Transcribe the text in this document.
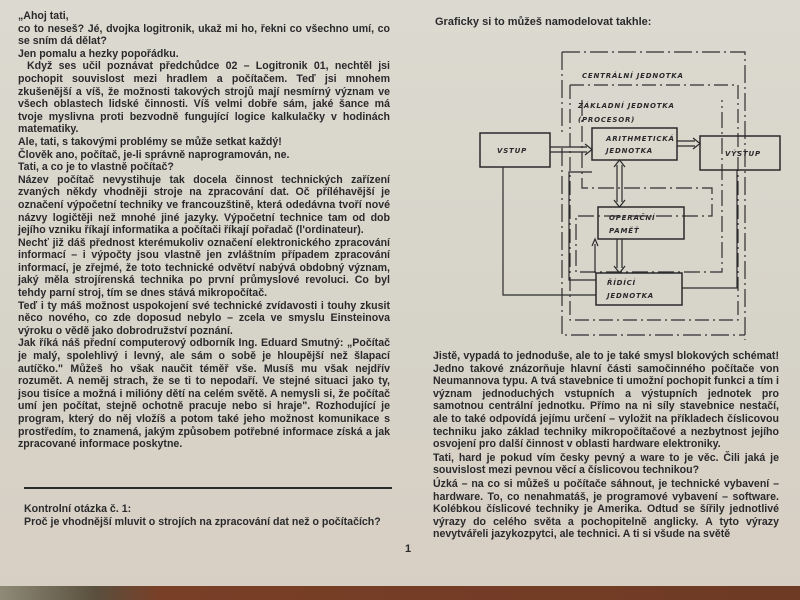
„Ahoj tati,

co to neseš? Jé, dvojka logitronik, ukaž mi ho, řekni co všechno umí, co se sním dá dělat?

Jen pomalu a hezky popořádku.

Když ses učil poznávat předchůdce 02 – Logitronik 01, nechtěl jsi pochopit souvislost mezi hradlem a počítačem. Teď jsi mnohem zkušenější a víš, že možnosti takových strojů mají nesmírný význam ve všech oblastech lidské činnosti. Víš velmi dobře sám, jaké šance má tvoje myslivna proti bezvodně fungující logice kalkulačky v hodinách matematiky.

Ale, tati, s takovými problémy se může setkat každý!

Člověk ano, počítač, je-li správně naprogramován, ne.

Tati, a co je to vlastně počítač?

Název počítač nevystihuje tak docela činnost technických zařízení zvaných někdy vhodněji stroje na zpracování dat. Oč příléhavější je označení výpočetní techniky ve francouzštině, která odedávna tvoří nové názvy logičtěji než mnohé jiné jazyky. Výpočetní technice tam od dob jejího vzniku říkají informatika a počítači říkají pořadač (l'ordinateur).

Nechť již dáš přednost kterémukoliv označení elektronického zpracování informací – i výpočty jsou vlastně jen zvláštním případem zpracování informací, je zřejmé, že toto technické odvětví nabývá obdobný význam, jaký měla strojírenská technika po první průmyslové revoluci. Co byl tehdy parní stroj, tím se dnes stává mikropočítač.

Teď i ty máš možnost uspokojení své technické zvídavosti i touhy zkusit něco nového, co zde doposud nebylo – zcela ve smyslu Einsteinova výroku o vědě jako dobrodružství poznání.

Jak říká náš přední computerový odborník Ing. Eduard Smutný: „Počítač je malý, spolehlivý i levný, ale sám o sobě je hloupější než šlapací autíčko." Můžeš ho však naučit téměř vše. Musíš mu však nejdřív rozumět. A neměj strach, že se ti to nepodaří. Ve stejné situaci jako ty, jsou tisíce a možná i milióny dětí na celém světě. A nemysli si, že počítač umí jen počítat, stejně ochotně pracuje nebo si hraje". Rozhodující je program, který do něj vložíš a potom také jeho možnost komunikace s prostředím, to znamená, jakým způsobem potřebné informace získá a jak zpracované informace poskytne.

Kontrolní otázka č. 1:

Proč je vhodnější mluvit o strojích na zpracování dat než o počítačích?

1
Graficky si to můžeš namodelovat takhle:
CENTRÁLNÍ JEDNOTKA
ZÁKLADNÍ JEDNOTKA
(PROCESOR)
VSTUP
ARITHMETICKÁ
JEDNOTKA	VÝSTUP
OPERAČNÍ
PAMĚŤ
ŘÍDÍCÍ
JEDNOTKA

Jistě, vypadá to jednoduše, ale to je také smysl blokových schémat! Jedno takové znázorňuje hlavní části samočinného počítače von Neumannova typu. A tvá stavebnice ti umožní pochopit funkci a tím i význam jednoduchých vstupních a výstupních jednotek pro samotnou centrální jednotku. Přímo na ni síly stavebnice nestačí, ale to také odpovídá jejímu určení – vyložit na příkladech číslicovou techniku jako základ techniky mikropočítačové a nezbytnost jejího osvojení pro další činnost v oblasti hardware elektroniky.

Tati, hard je pokud vím česky pevný a ware to je věc. Čili jaká je souvislost mezi pevnou věcí a číslicovou technikou?

Úzká – na co si můžeš u počítače sáhnout, je technické vybavení – hardware. To, co nenahmatáš, je programové vybavení – software. Kolébkou číslicové techniky je Amerika. Odtud se šířily jednotlivé výrazy do celého světa a pochopitelně anglicky. A tyto výrazy nevytvářeli jazykozpytci, ale technici. A ti si všude na světě
